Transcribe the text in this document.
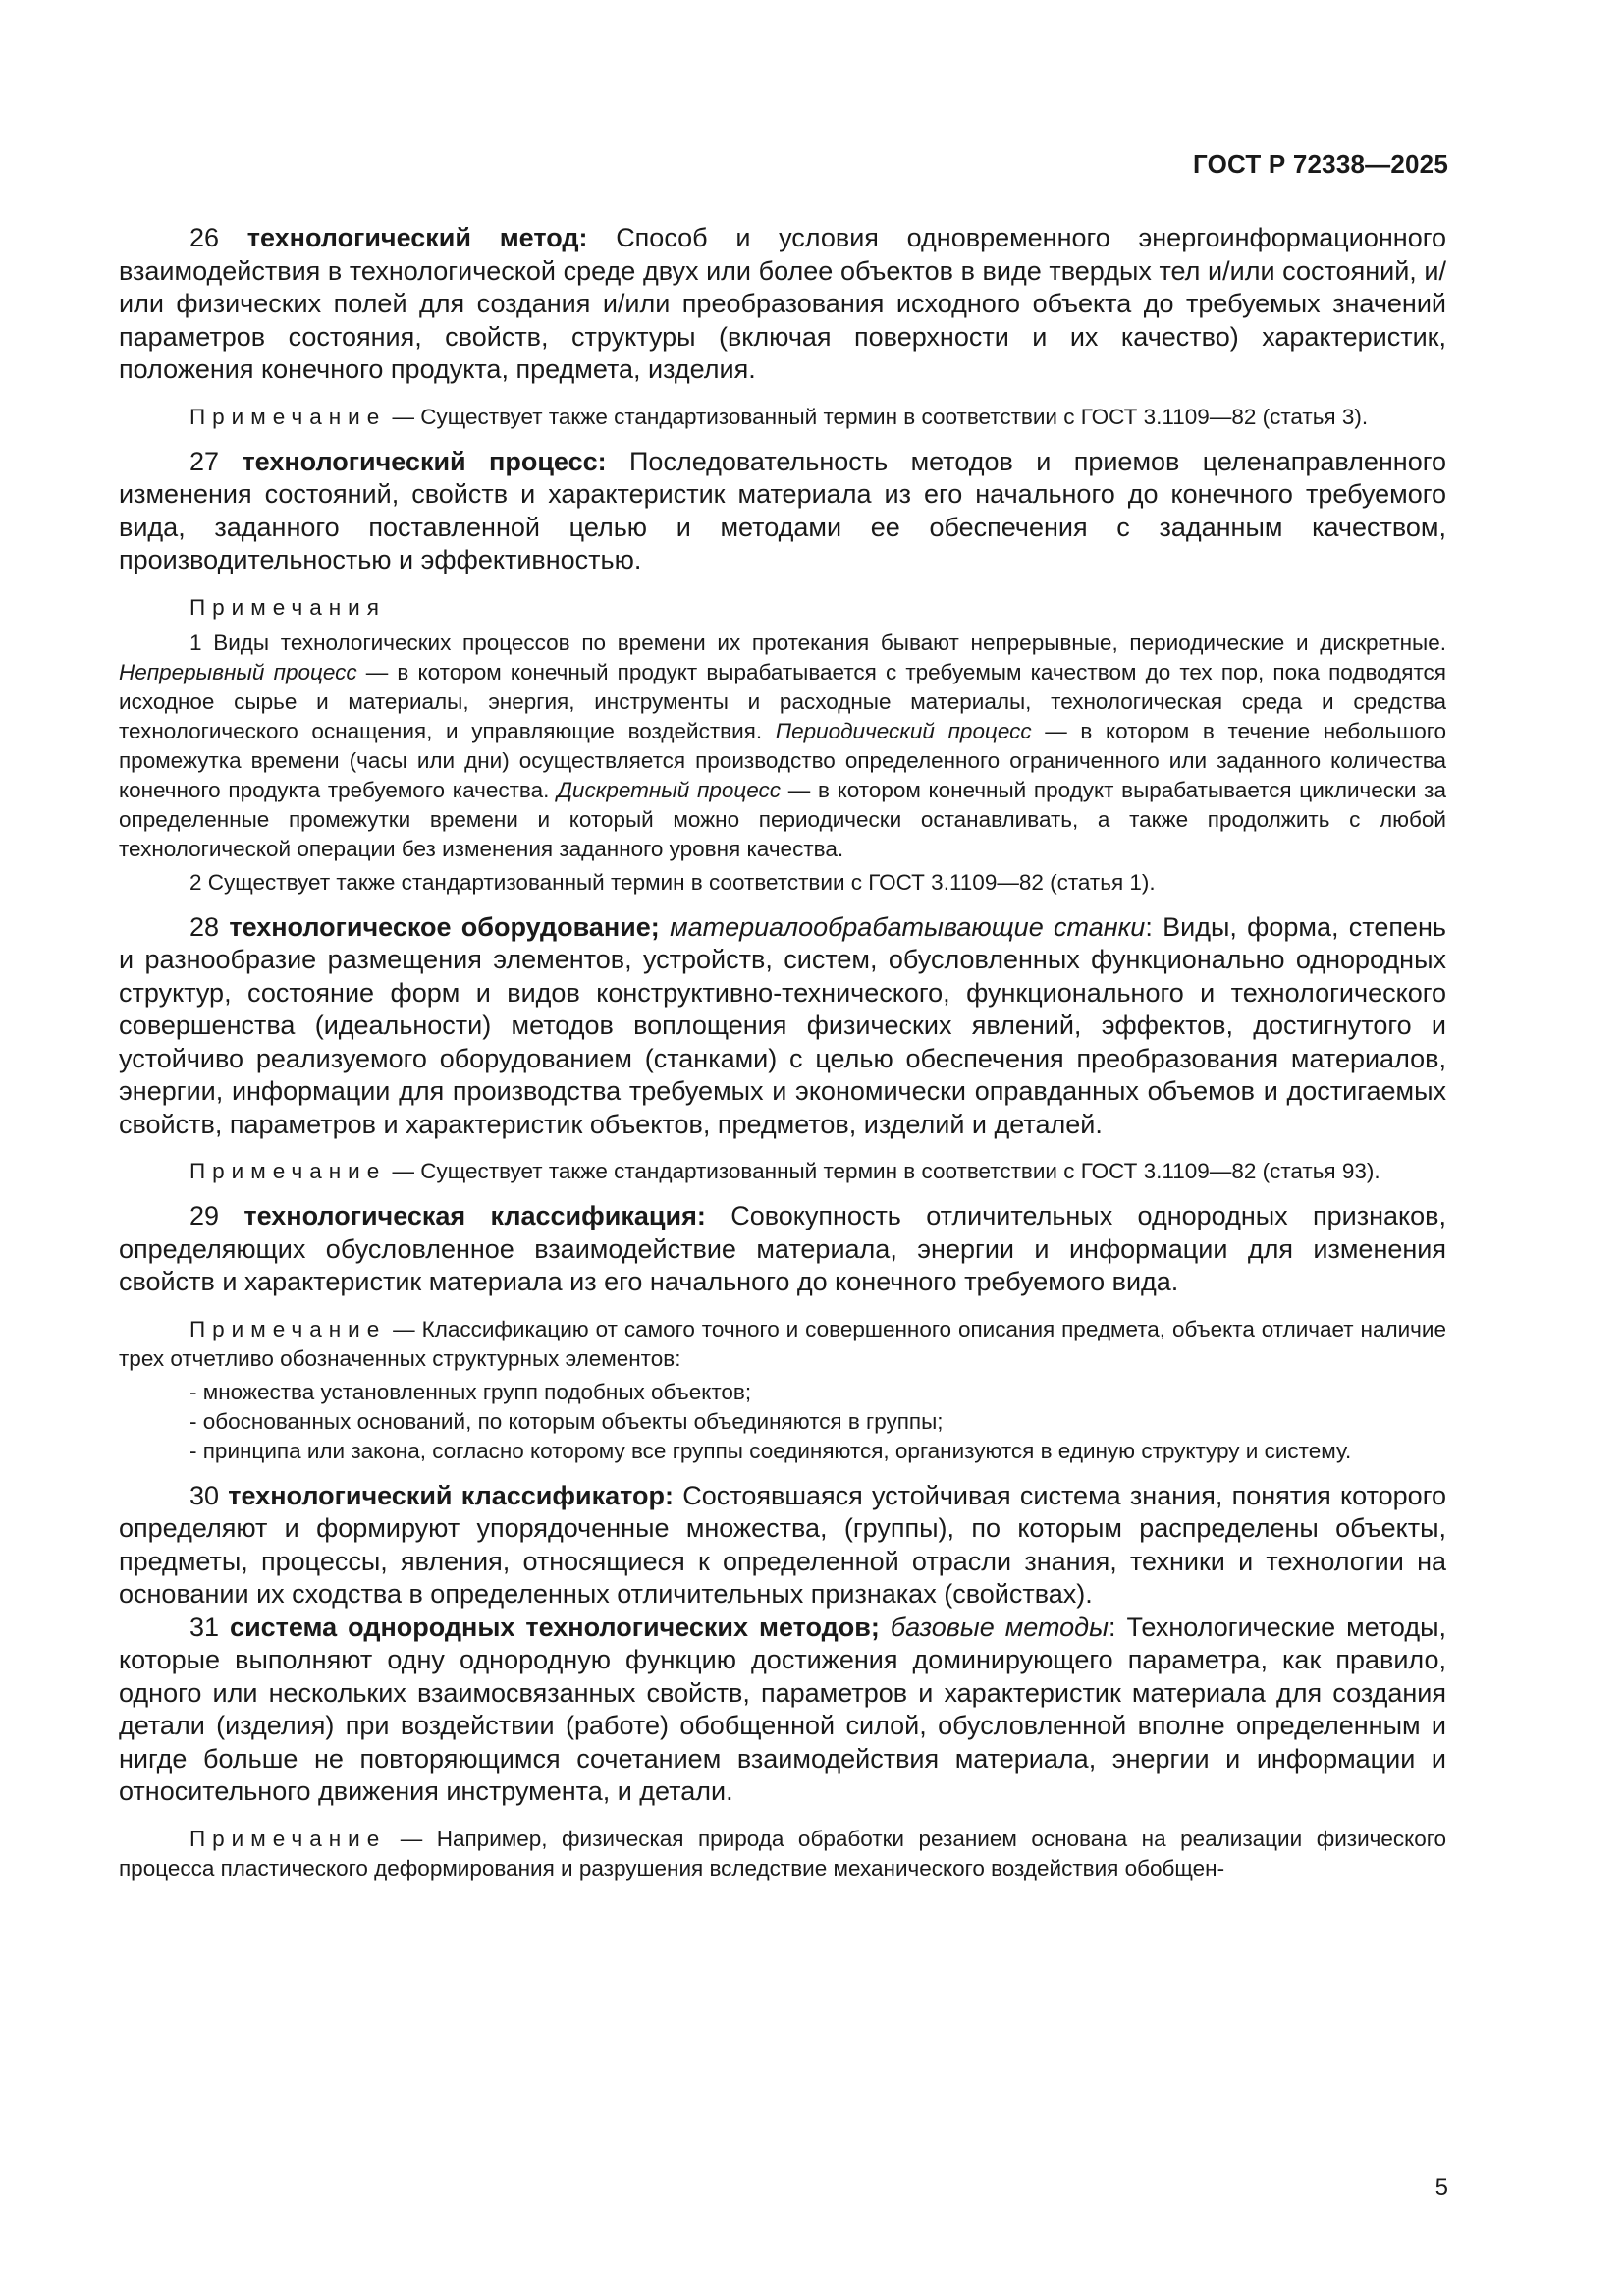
ГОСТ Р 72338—2025

26 технологический метод: Способ и условия одновременного энергоинформационного взаимодействия в технологической среде двух или более объектов в виде твердых тел и/или состояний, и/или физических полей для создания и/или преобразования исходного объекта до требуемых значений параметров состояния, свойств, структуры (включая поверхности и их качество) характеристик, положения конечного продукта, предмета, изделия.

Примечание — Существует также стандартизованный термин в соответствии с ГОСТ 3.1109—82 (статья 3).

27 технологический процесс: Последовательность методов и приемов целенаправленного изменения состояний, свойств и характеристик материала из его начального до конечного требуемого вида, заданного поставленной целью и методами ее обеспечения с заданным качеством, производительностью и эффективностью.

Примечания

1 Виды технологических процессов по времени их протекания бывают непрерывные, периодические и дискретные. Непрерывный процесс — в котором конечный продукт вырабатывается с требуемым качеством до тех пор, пока подводятся исходное сырье и материалы, энергия, инструменты и расходные материалы, технологическая среда и средства технологического оснащения, и управляющие воздействия. Периодический процесс — в котором в течение небольшого промежутка времени (часы или дни) осуществляется производство определенного ограниченного или заданного количества конечного продукта требуемого качества. Дискретный процесс — в котором конечный продукт вырабатывается циклически за определенные промежутки времени и который можно периодически останавливать, а также продолжить с любой технологической операции без изменения заданного уровня качества.

2 Существует также стандартизованный термин в соответствии с ГОСТ 3.1109—82 (статья 1).

28 технологическое оборудование; материалообрабатывающие станки: Виды, форма, степень и разнообразие размещения элементов, устройств, систем, обусловленных функционально однородных структур, состояние форм и видов конструктивно-технического, функционального и технологического совершенства (идеальности) методов воплощения физических явлений, эффектов, достигнутого и устойчиво реализуемого оборудованием (станками) с целью обеспечения преобразования материалов, энергии, информации для производства требуемых и экономически оправданных объемов и достигаемых свойств, параметров и характеристик объектов, предметов, изделий и деталей.

Примечание — Существует также стандартизованный термин в соответствии с ГОСТ 3.1109—82 (статья 93).

29 технологическая классификация: Совокупность отличительных однородных признаков, определяющих обусловленное взаимодействие материала, энергии и информации для изменения свойств и характеристик материала из его начального до конечного требуемого вида.

Примечание — Классификацию от самого точного и совершенного описания предмета, объекта отличает наличие трех отчетливо обозначенных структурных элементов:

- множества установленных групп подобных объектов;

- обоснованных оснований, по которым объекты объединяются в группы;

- принципа или закона, согласно которому все группы соединяются, организуются в единую структуру и систему.

30 технологический классификатор: Состоявшаяся устойчивая система знания, понятия которого определяют и формируют упорядоченные множества, (группы), по которым распределены объекты, предметы, процессы, явления, относящиеся к определенной отрасли знания, техники и технологии на основании их сходства в определенных отличительных признаках (свойствах).

31 система однородных технологических методов; базовые методы: Технологические методы, которые выполняют одну однородную функцию достижения доминирующего параметра, как правило, одного или нескольких взаимосвязанных свойств, параметров и характеристик материала для создания детали (изделия) при воздействии (работе) обобщенной силой, обусловленной вполне определенным и нигде больше не повторяющимся сочетанием взаимодействия материала, энергии и информации и относительного движения инструмента, и детали.

Примечание — Например, физическая природа обработки резанием основана на реализации физического процесса пластического деформирования и разрушения вследствие механического воздействия обобщен-

5
